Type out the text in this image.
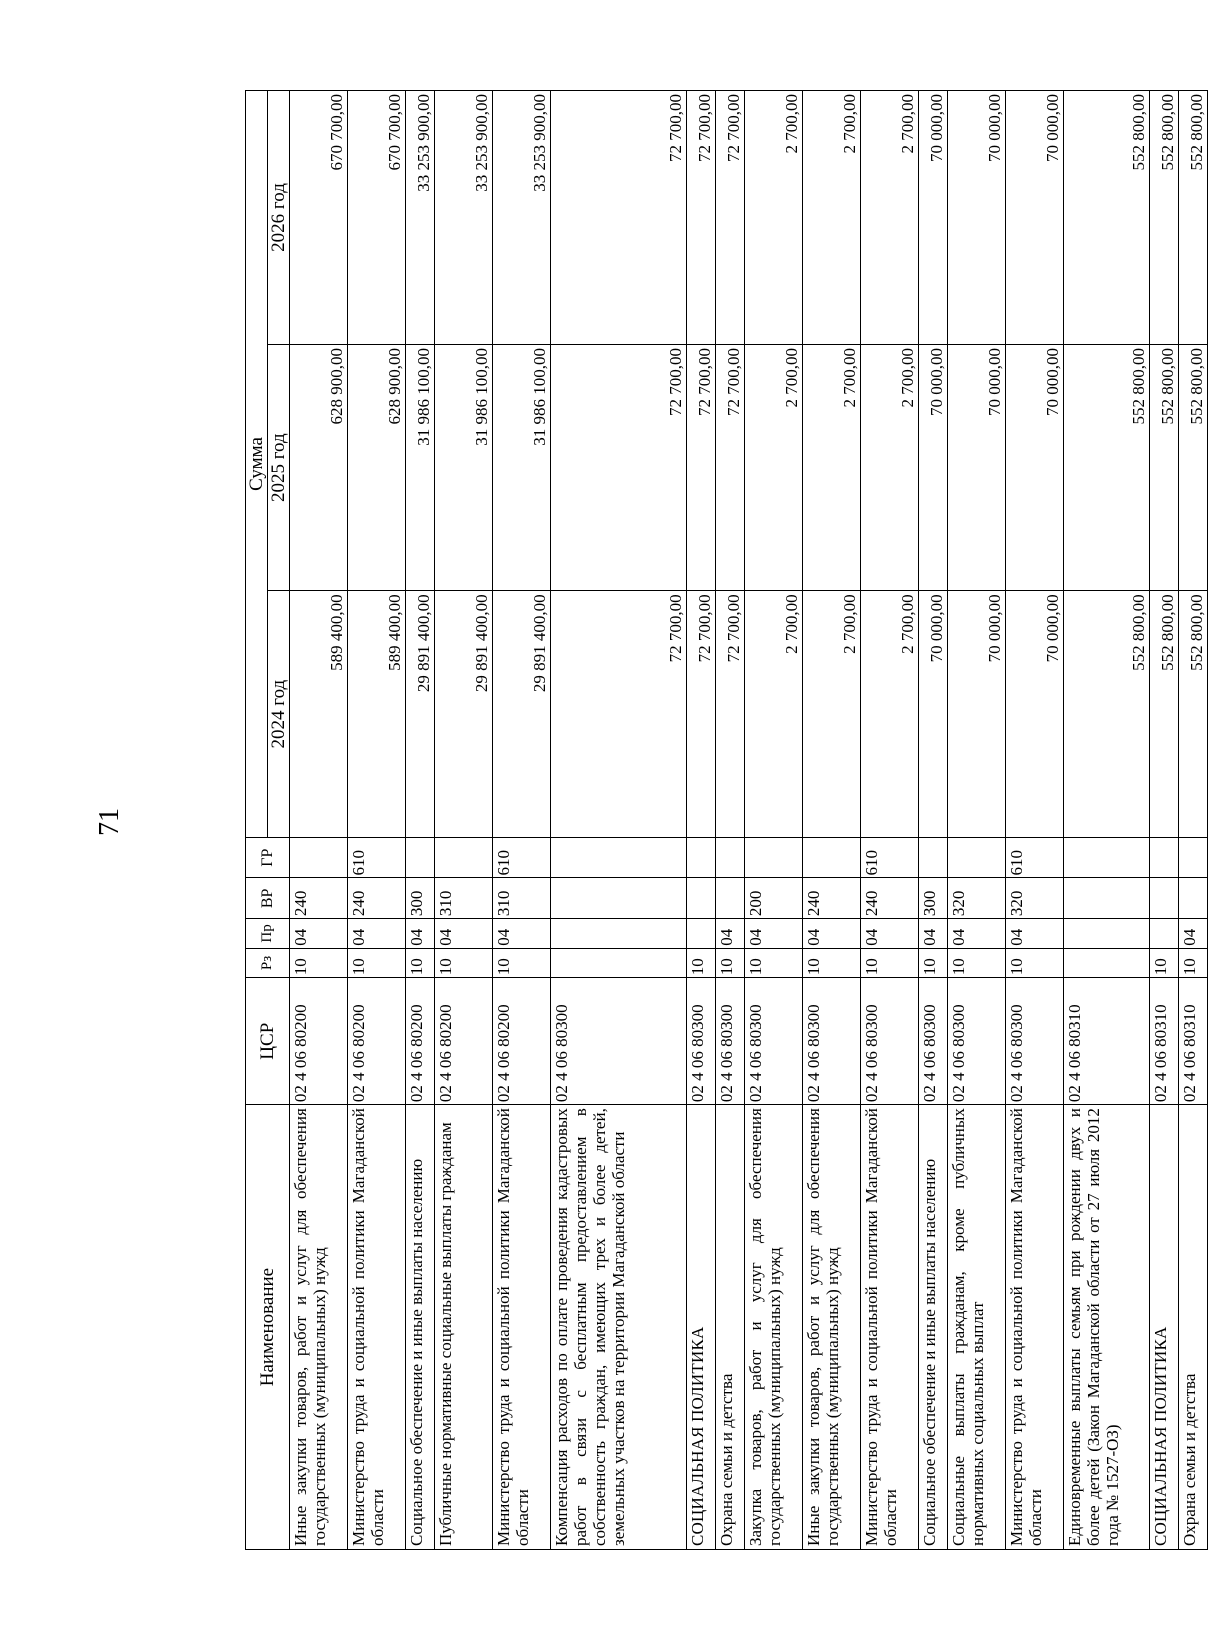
71
Наименование	ЦСР	Рз	Пр	ВР	ГР	Сумма		
						2024 год	2025 год	2026 год
Иные закупки товаров, работ и услуг для обеспечения государственных (муниципальных) нужд	02 4 06 80200	10	04	240		589 400,00	628 900,00	670 700,00
Министерство труда и социальной политики Магаданской области	02 4 06 80200	10	04	240	610	589 400,00	628 900,00	670 700,00
Социальное обеспечение и иные выплаты населению	02 4 06 80200	10	04	300		29 891 400,00	31 986 100,00	33 253 900,00
Публичные нормативные социальные выплаты гражданам	02 4 06 80200	10	04	310		29 891 400,00	31 986 100,00	33 253 900,00
Министерство труда и социальной политики Магаданской области	02 4 06 80200	10	04	310	610	29 891 400,00	31 986 100,00	33 253 900,00
Компенсация расходов по оплате проведения кадастровых работ в связи с бесплатным предоставлением в собственность граждан, имеющих трех и более детей, земельных участков на территории Магаданской области	02 4 06 80300					72 700,00	72 700,00	72 700,00
СОЦИАЛЬНАЯ ПОЛИТИКА	02 4 06 80300	10				72 700,00	72 700,00	72 700,00
Охрана семьи и детства	02 4 06 80300	10	04			72 700,00	72 700,00	72 700,00
Закупка товаров, работ и услуг для обеспечения государственных (муниципальных) нужд	02 4 06 80300	10	04	200		2 700,00	2 700,00	2 700,00
Иные закупки товаров, работ и услуг для обеспечения государственных (муниципальных) нужд	02 4 06 80300	10	04	240		2 700,00	2 700,00	2 700,00
Министерство труда и социальной политики Магаданской области	02 4 06 80300	10	04	240	610	2 700,00	2 700,00	2 700,00
Социальное обеспечение и иные выплаты населению	02 4 06 80300	10	04	300		70 000,00	70 000,00	70 000,00
Социальные выплаты гражданам, кроме публичных нормативных социальных выплат	02 4 06 80300	10	04	320		70 000,00	70 000,00	70 000,00
Министерство труда и социальной политики Магаданской области	02 4 06 80300	10	04	320	610	70 000,00	70 000,00	70 000,00
Единовременные выплаты семьям при рождении двух и более детей (Закон Магаданской области от 27 июля 2012 года № 1527-ОЗ)	02 4 06 80310					552 800,00	552 800,00	552 800,00
СОЦИАЛЬНАЯ ПОЛИТИКА	02 4 06 80310	10				552 800,00	552 800,00	552 800,00
Охрана семьи и детства	02 4 06 80310	10	04			552 800,00	552 800,00	552 800,00
